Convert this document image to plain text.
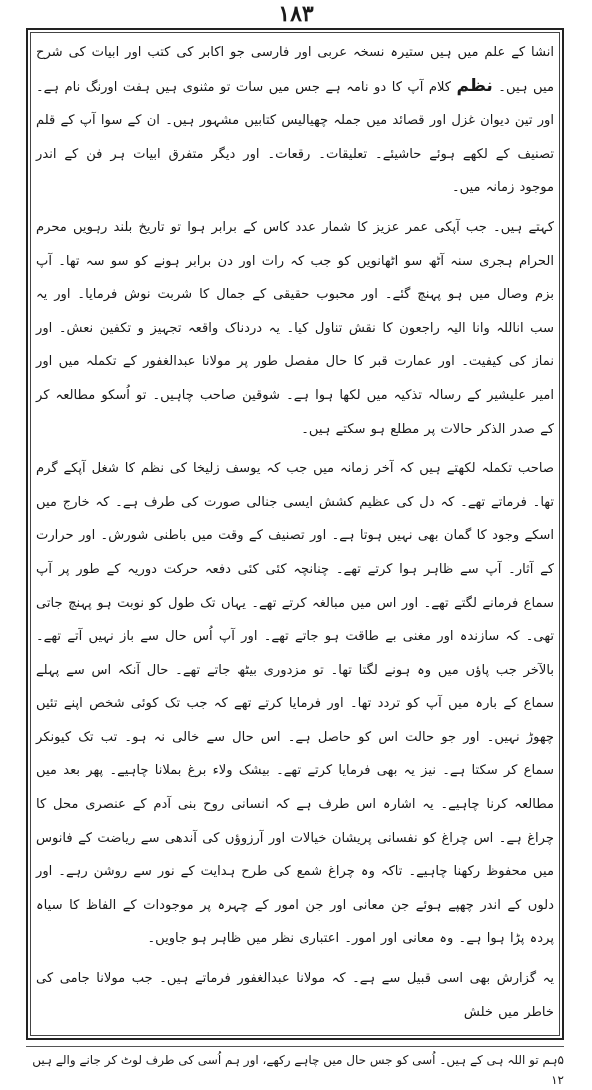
۱۸۳

انشا کے علم میں ہیں ستیرہ نسخہ عربی اور فارسی جو اکابر کی کتب اور ابیات کی شرح میں ہیں۔ نظم کلام آپ کا دو نامہ ہے جس میں سات تو مثنوی ہیں ہفت اورنگ نام ہے۔ اور تین دیوان غزل اور قصائد میں جملہ چھیالیس کتابیں مشہور ہیں۔ ان کے سوا آپ کے قلم تصنیف کے لکھے ہوئے حاشیئے۔ تعلیقات۔ رقعات۔ اور دیگر متفرق ابیات ہر فن کے اندر موجود زمانہ میں۔

کہتے ہیں۔ جب آپکی عمر عزیز کا شمار عدد کاس کے برابر ہوا تو تاریخ بلند رہویں محرم الحرام ہجری سنہ آٹھ سو اٹھانویں کو جب کہ رات اور دن برابر ہونے کو سو سہ تھا۔ آپ بزم وصال میں ہو پہنچ گئے۔ اور محبوب حقیقی کے جمال کا شربت نوش فرمایا۔ اور یہ سب اناللہ وانا الیہ راجعون کا نقش تناول کیا۔ یہ دردناک واقعہ تجہیز و تکفین نعش۔ اور نماز کی کیفیت۔ اور عمارت قبر کا حال مفصل طور پر مولانا عبدالغفور کے تکملہ میں اور امیر علیشیر کے رسالہ تذکیہ میں لکھا ہوا ہے۔ شوقین صاحب چاہیں۔ تو اُسکو مطالعہ کر کے صدر الذکر حالات پر مطلع ہو سکتے ہیں۔

صاحب تکملہ لکھتے ہیں کہ آخر زمانہ میں جب کہ یوسف زلیخا کی نظم کا شغل آپکے گرم تھا۔ فرماتے تھے۔ کہ دل کی عظیم کشش ایسی جنالی صورت کی طرف ہے۔ کہ خارج میں اسکے وجود کا گمان بھی نہیں ہوتا ہے۔ اور تصنیف کے وقت میں باطنی شورش۔ اور حرارت کے آثار۔ آپ سے ظاہر ہوا کرتے تھے۔ چنانچہ کئی کئی دفعہ حرکت دوریہ کے طور پر آپ سماع فرمانے لگتے تھے۔ اور اس میں مبالغہ کرتے تھے۔ یہاں تک طول کو نوبت ہو پہنچ جاتی تھی۔ کہ سازندہ اور مغنی بے طاقت ہو جاتے تھے۔ اور آپ اُس حال سے باز نہیں آتے تھے۔ بالآخر جب پاؤں میں وہ ہونے لگتا تھا۔ تو مزدوری بیٹھ جاتے تھے۔ حال آنکہ اس سے پہلے سماع کے بارہ میں آپ کو تردد تھا۔ اور فرمایا کرتے تھے کہ جب تک کوئی شخص اپنے تئیں چھوڑ نہیں۔ اور جو حالت اس کو حاصل ہے۔ اس حال سے خالی نہ ہو۔ تب تک کیونکر سماع کر سکتا ہے۔ نیز یہ بھی فرمایا کرتے تھے۔ بیشک ولاء برغ بملانا چاہیے۔ پھر بعد میں مطالعہ کرنا چاہیے۔ یہ اشارہ اس طرف ہے کہ انسانی روح بنی آدم کے عنصری محل کا چراغ ہے۔ اس چراغ کو نفسانی پریشان خیالات اور آرزوؤں کی آندھی سے ریاضت کے فانوس میں محفوظ رکھنا چاہیے۔ تاکہ وہ چراغ شمع کی طرح ہدایت کے نور سے روشن رہے۔ اور دلوں کے اندر چھپے ہوئے جن معانی اور جن امور کے چہرہ پر موجودات کے الفاظ کا سیاہ پردہ پڑا ہوا ہے۔ وہ معانی اور امور۔ اعتباری نظر میں ظاہر ہو جاویں۔

یہ گزارش بھی اسی قبیل سے ہے۔ کہ مولانا عبدالغفور فرماتے ہیں۔ جب مولانا جامی کی خاطر میں خلش

۵ہم تو اللہ ہی کے ہیں۔ اُسی کو جس حال میں چاہے رکھے، اور ہم اُسی کی طرف لوٹ کر جانے والے ہیں ۱۲
